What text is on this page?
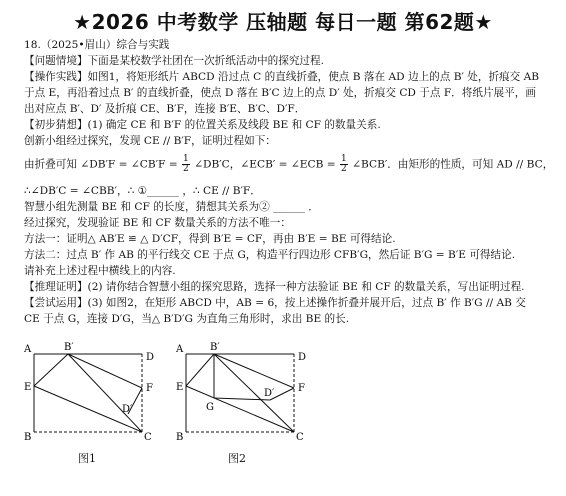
★2026 中考数学 压轴题 每日一题 第62题★
18.（2025•眉山）综合与实践
【问题情境】下面是某校数学社团在一次折纸活动中的探究过程.
【操作实践】如图1，将矩形纸片 ABCD 沿过点 C 的直线折叠，使点 B 落在 AD 边上的点 B′ 处，折痕交 AB
于点 E，再沿着过点 B′ 的直线折叠，使点 D 落在 B′C 边上的点 D′ 处，折痕交 CD 于点 F．将纸片展平，画
出对应点 B′、D′ 及折痕 CE、B′F，连接 B′E、B′C、D′F．
【初步猜想】(1) 确定 CE 和 B′F 的位置关系及线段 BE 和 CF 的数量关系.
创新小组经过探究，发现 CE // B′F，证明过程如下：
由折叠可知 ∠DB′F = ∠CB′F = $\frac{1}{2}$ ∠DB′C，∠ECB′ = ∠ECB = $\frac{1}{2}$ ∠BCB′．由矩形的性质，可知 AD // BC，
∴∠DB′C = ∠CBB′，∴ ①______ ，∴ CE // B′F．
智慧小组先测量 BE 和 CF 的长度，猜想其关系为② ______ ．
经过探究，发现验证 BE 和 CF 数量关系的方法不唯一：
方法一：证明△ AB′E ≌ △ D′CF，得到 B′E = CF，再由 B′E = BE 可得结论.
方法二：过点 B′ 作 AB 的平行线交 CE 于点 G，构造平行四边形 CFB′G，然后证 B′G = B′E 可得结论.
请补充上述过程中横线上的内容.
【推理证明】(2) 请你结合智慧小组的探究思路，选择一种方法验证 BE 和 CF 的数量关系，写出证明过程.
【尝试运用】(3) 如图2，在矩形 ABCD 中，AB = 6，按上述操作折叠并展开后，过点 B′ 作 B′G // AB 交
CE 于点 G，连接 D′G，当△ B′D′G 为直角三角形时，求出 BE 的长.
A	B′
D
E	F
D′
B	C
图1
A	B′
D
E	F
G
D′
B	C
图2
